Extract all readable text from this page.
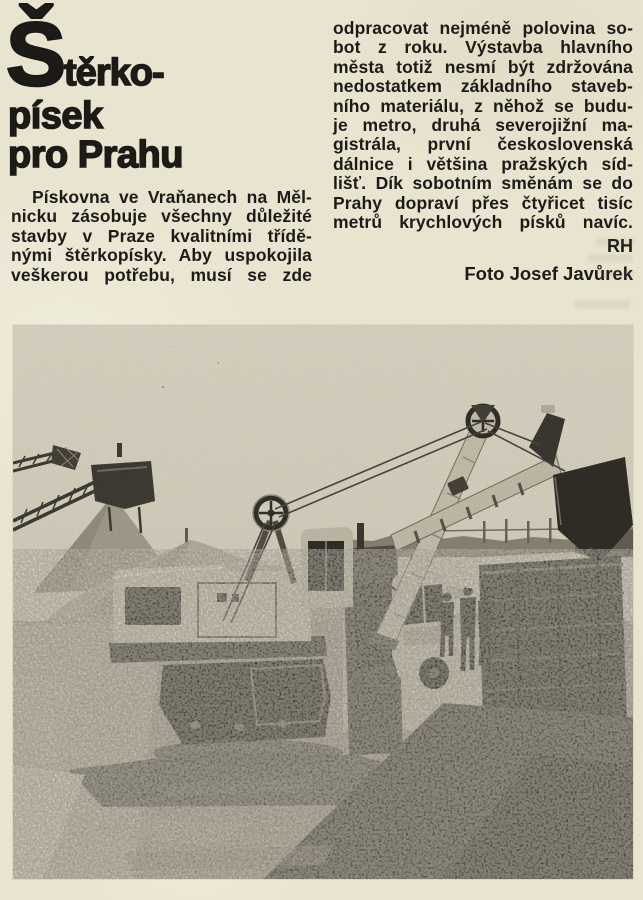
Š těrko-
písek
pro Prahu
Pískovna ve Vraňanech na Měl-
nicku zásobuje všechny důležité
stavby v Praze kvalitními třídě-
nými štěrkopísky. Aby uspokojila
veškerou potřebu, musí se zde
odpracovat nejméně polovina so-
bot z roku. Výstavba hlavního
města totiž nesmí být zdržována
nedostatkem základního staveb-
ního materiálu, z něhož se budu-
je metro, druhá severojižní ma-
gistrála, první československá
dálnice i většina pražských síd-
lišť. Dík sobotním směnám se do
Prahy dopraví přes čtyřicet tisíc
metrů krychlových písků navíc.
RH
Foto Josef Javůrek
